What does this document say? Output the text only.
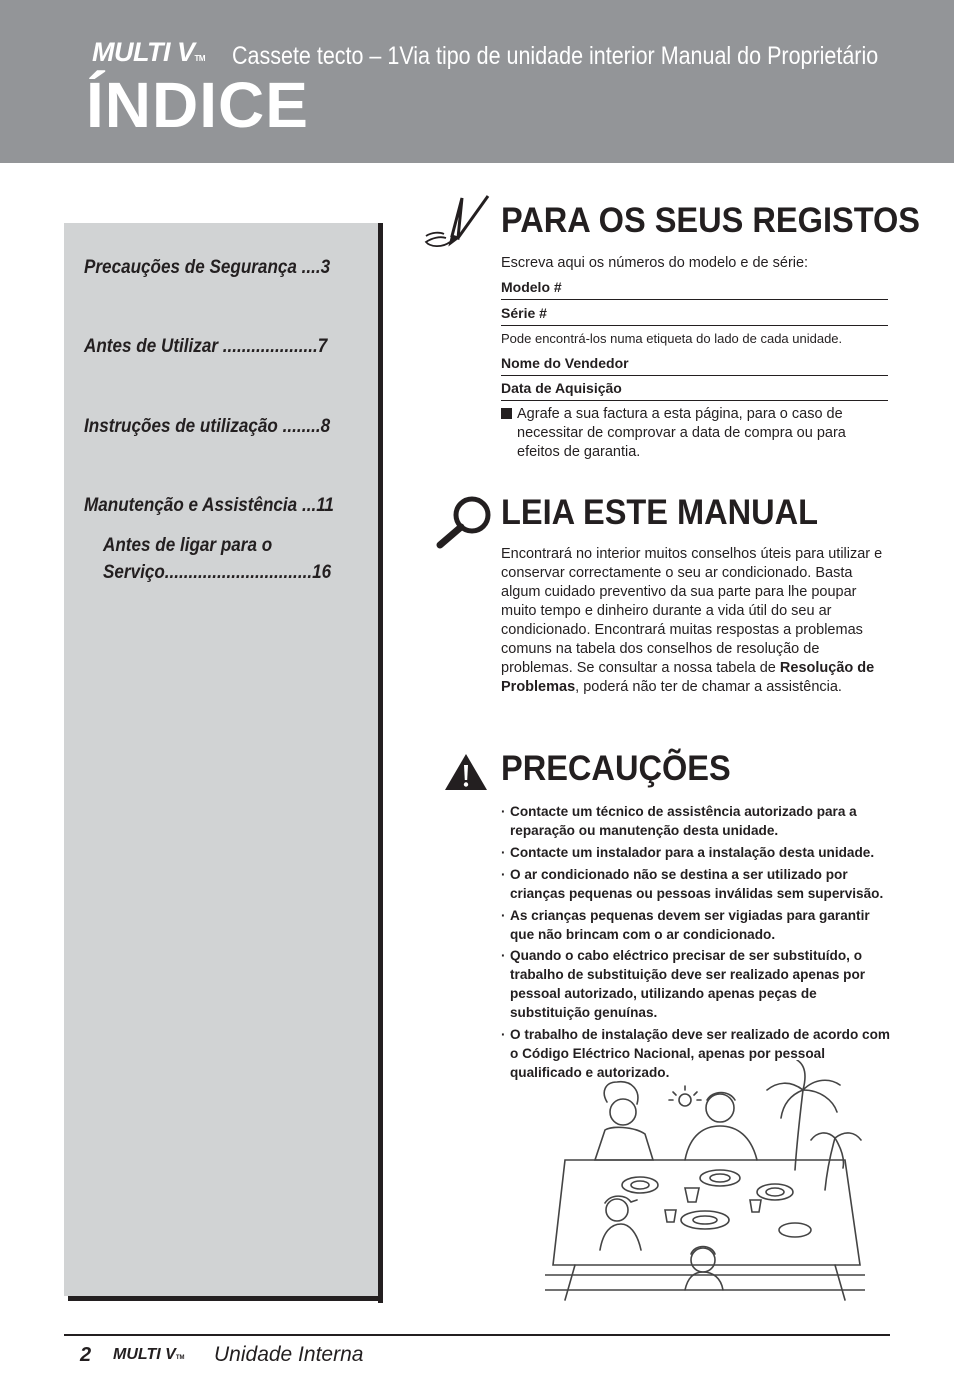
MULTI VTM Cassete tecto – 1Via tipo de unidade interior Manual do Proprietário
ÍNDICE
Precauções de Segurança ....3
Antes de Utilizar ....................7
Instruções de utilização ........8
Manutenção e Assistência ...11
Antes de ligar para o
Serviço...............................16
PARA OS SEUS REGISTOS
Escreva aqui os números do modelo e de série:
Modelo #
Série #
Pode encontrá-los numa etiqueta do lado de cada unidade.
Nome do Vendedor
Data de Aquisição
Agrafe a sua factura a esta página, para o caso de necessitar de comprovar a data de compra ou para efeitos de garantia.
LEIA ESTE MANUAL
Encontrará no interior muitos conselhos úteis para utilizar e conservar correctamente o seu ar condicionado. Basta algum cuidado preventivo da sua parte para lhe poupar muito tempo e dinheiro durante a vida útil do seu ar condicionado. Encontrará muitas respostas a problemas comuns na tabela dos conselhos de resolução de problemas. Se consultar a nossa tabela de Resolução de Problemas, poderá não ter de chamar a assistência.
PRECAUÇÕES
· Contacte um técnico de assistência autorizado para a reparação ou manutenção desta unidade.
· Contacte um instalador para a instalação desta unidade.
· O ar condicionado não se destina a ser utilizado por crianças pequenas ou pessoas inválidas sem supervisão.
· As crianças pequenas devem ser vigiadas para garantir que não brincam com o ar condicionado.
· Quando o cabo eléctrico precisar de ser substituído, o trabalho de substituição deve ser realizado apenas por pessoal autorizado, utilizando apenas peças de substituição genuínas.
· O trabalho de instalação deve ser realizado de acordo com o Código Eléctrico Nacional, apenas por pessoal qualificado e autorizado.
2 MULTI VTM Unidade Interna
